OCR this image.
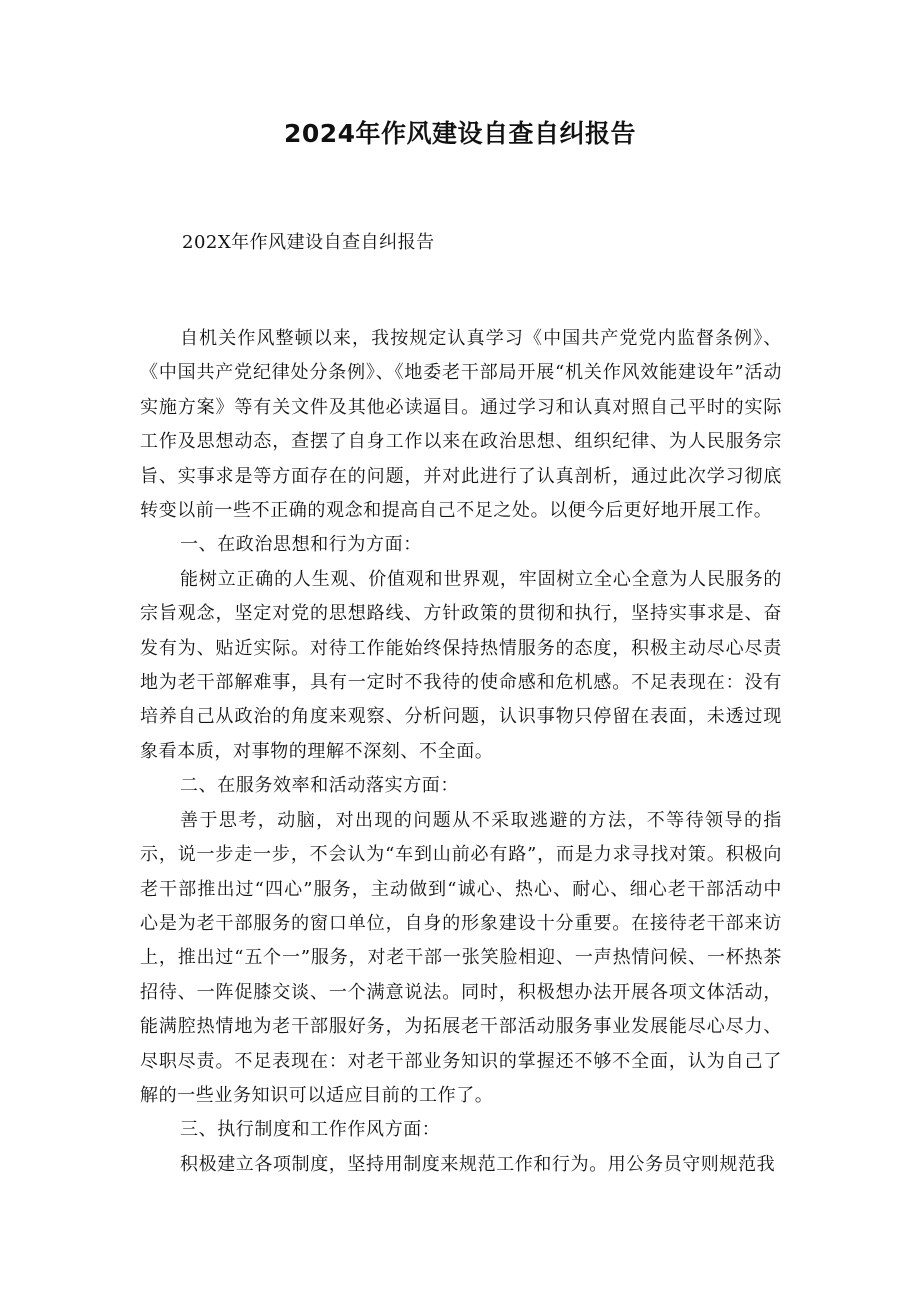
2024年作风建设自查自纠报告

202X年作风建设自查自纠报告

自机关作风整顿以来，我按规定认真学习《中国共产党党内监督条例》、《中国共产党纪律处分条例》、《地委老干部局开展“机关作风效能建设年”活动实施方案》等有关文件及其他必读逼目。通过学习和认真对照自己平时的实际工作及思想动态，查摆了自身工作以来在政治思想、组织纪律、为人民服务宗旨、实事求是等方面存在的问题，并对此进行了认真剖析，通过此次学习彻底转变以前一些不正确的观念和提高自己不足之处。以便今后更好地开展工作。

一、在政治思想和行为方面：

能树立正确的人生观、价值观和世界观，牢固树立全心全意为人民服务的宗旨观念，坚定对党的思想路线、方针政策的贯彻和执行，坚持实事求是、奋发有为、贴近实际。对待工作能始终保持热情服务的态度，积极主动尽心尽责地为老干部解难事，具有一定时不我待的使命感和危机感。不足表现在：没有培养自己从政治的角度来观察、分析问题，认识事物只停留在表面，未透过现象看本质，对事物的理解不深刻、不全面。

二、在服务效率和活动落实方面：

善于思考，动脑，对出现的问题从不采取逃避的方法，不等待领导的指示，说一步走一步，不会认为“车到山前必有路”，而是力求寻找对策。积极向老干部推出过“四心”服务，主动做到“诚心、热心、耐心、细心老干部活动中心是为老干部服务的窗口单位，自身的形象建设十分重要。在接待老干部来访上，推出过“五个一”服务，对老干部一张笑脸相迎、一声热情问候、一杯热茶招待、一阵促膝交谈、一个满意说法。同时，积极想办法开展各项文体活动，能满腔热情地为老干部服好务，为拓展老干部活动服务事业发展能尽心尽力、尽职尽责。不足表现在：对老干部业务知识的掌握还不够不全面，认为自己了解的一些业务知识可以适应目前的工作了。

三、执行制度和工作作风方面：

积极建立各项制度，坚持用制度来规范工作和行为。用公务员守则规范我
